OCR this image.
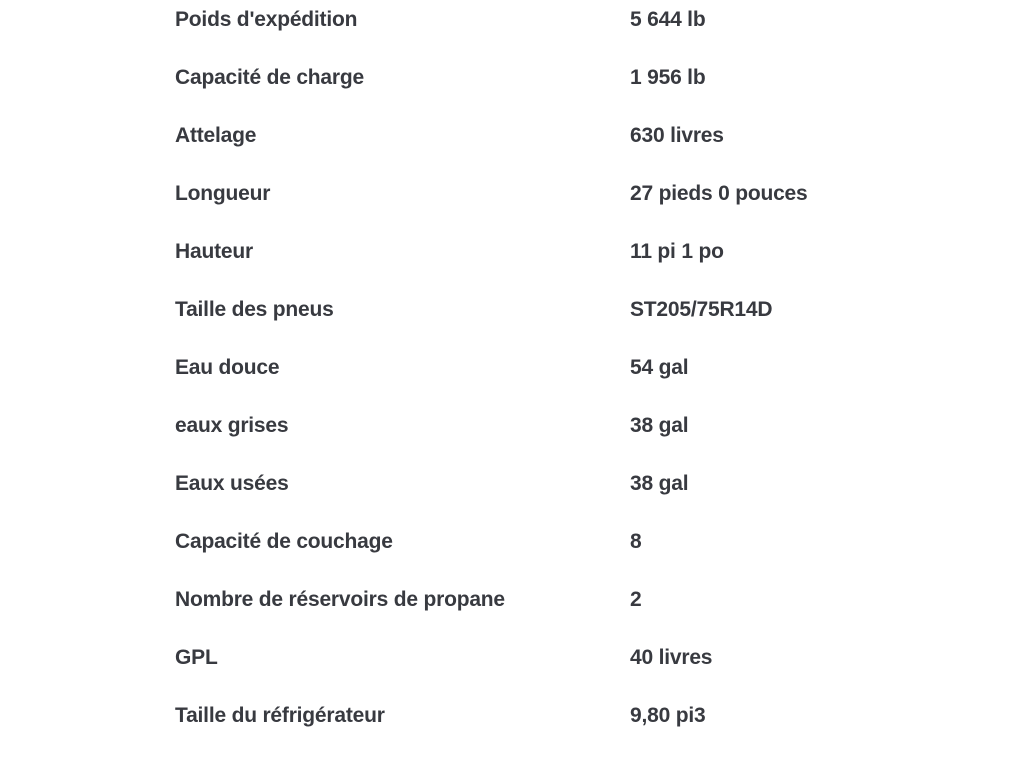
Poids d'expédition	5 644 lb
Capacité de charge	1 956 lb
Attelage	630 livres
Longueur	27 pieds 0 pouces
Hauteur	11 pi 1 po
Taille des pneus	ST205/75R14D
Eau douce	54 gal
eaux grises	38 gal
Eaux usées	38 gal
Capacité de couchage	8
Nombre de réservoirs de propane	2
GPL	40 livres
Taille du réfrigérateur	9,80 pi3
